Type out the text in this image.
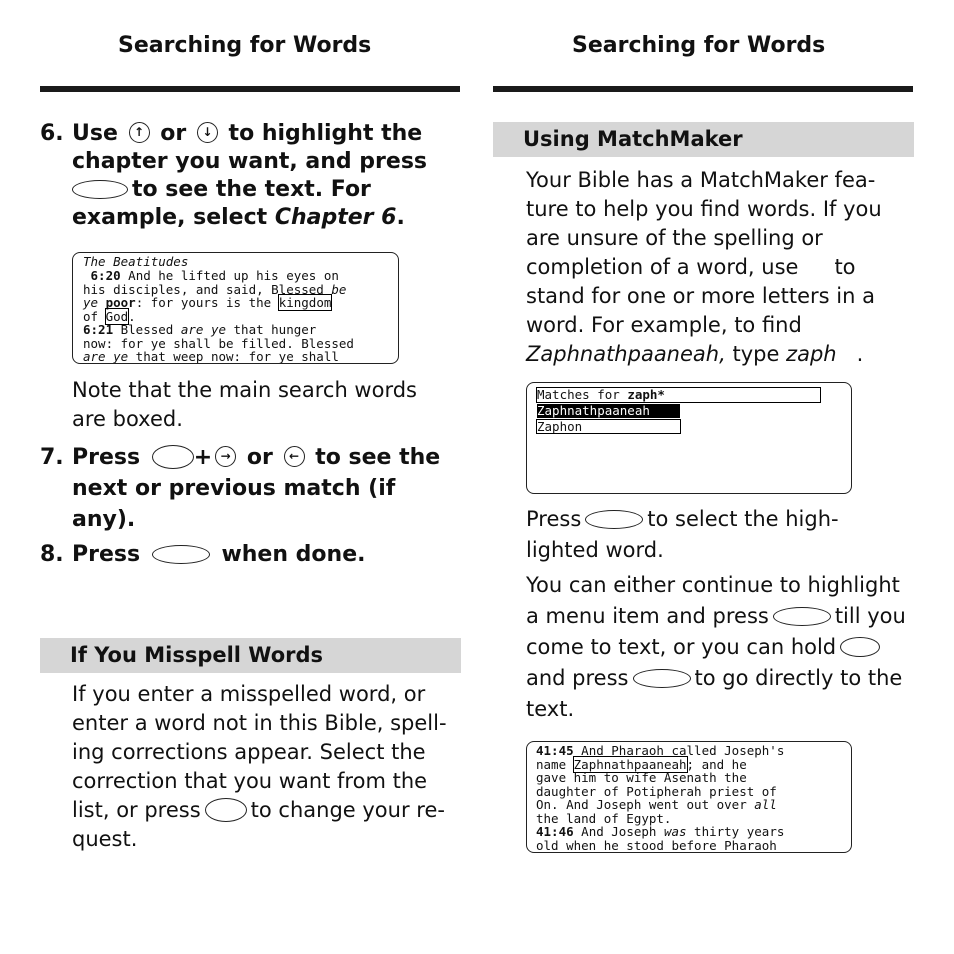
Searching for Words
6. Use ↑ or ↓ to highlight the
chapter you want, and press
to see the text. For
example, select Chapter 6.
The Beatitudes
6:20 And he lifted up his eyes on
his disciples, and said, Blessed be
ye poor: for yours is the kingdom
of God.
6:21 Blessed are ye that hunger
now: for ye shall be filled. Blessed
are ye that weep now: for ye shall
Note that the main search words
are boxed.
7. Press + → or ← to see the
next or previous match (if
any).
8. Press	when done.
If You Misspell Words
If you enter a misspelled word, or
enter a word not in this Bible, spell-
ing corrections appear. Select the
correction that you want from the
list, or press to change your re-
quest.
Searching for Words
Using MatchMaker
Your Bible has a MatchMaker fea-
ture to help you find words. If you
are unsure of the spelling or
completion of a word, use to
stand for one or more letters in a
word. For example, to find
Zaphnathpaaneah, type zaph .
Matches for zaph*
Zaphnathpaaneah
Zaphon
Press	to select the high-
lighted word.
You can either continue to highlight
a menu item and press	till you
come to text, or you can hold
and press	to go directly to the
text.
41:45 And Pharaoh called Joseph's
name Zaphnathpaaneah; and he
gave him to wife Asenath the
daughter of Potipherah priest of
On. And Joseph went out over all
the land of Egypt.
41:46 And Joseph was thirty years
old when he stood before Pharaoh
